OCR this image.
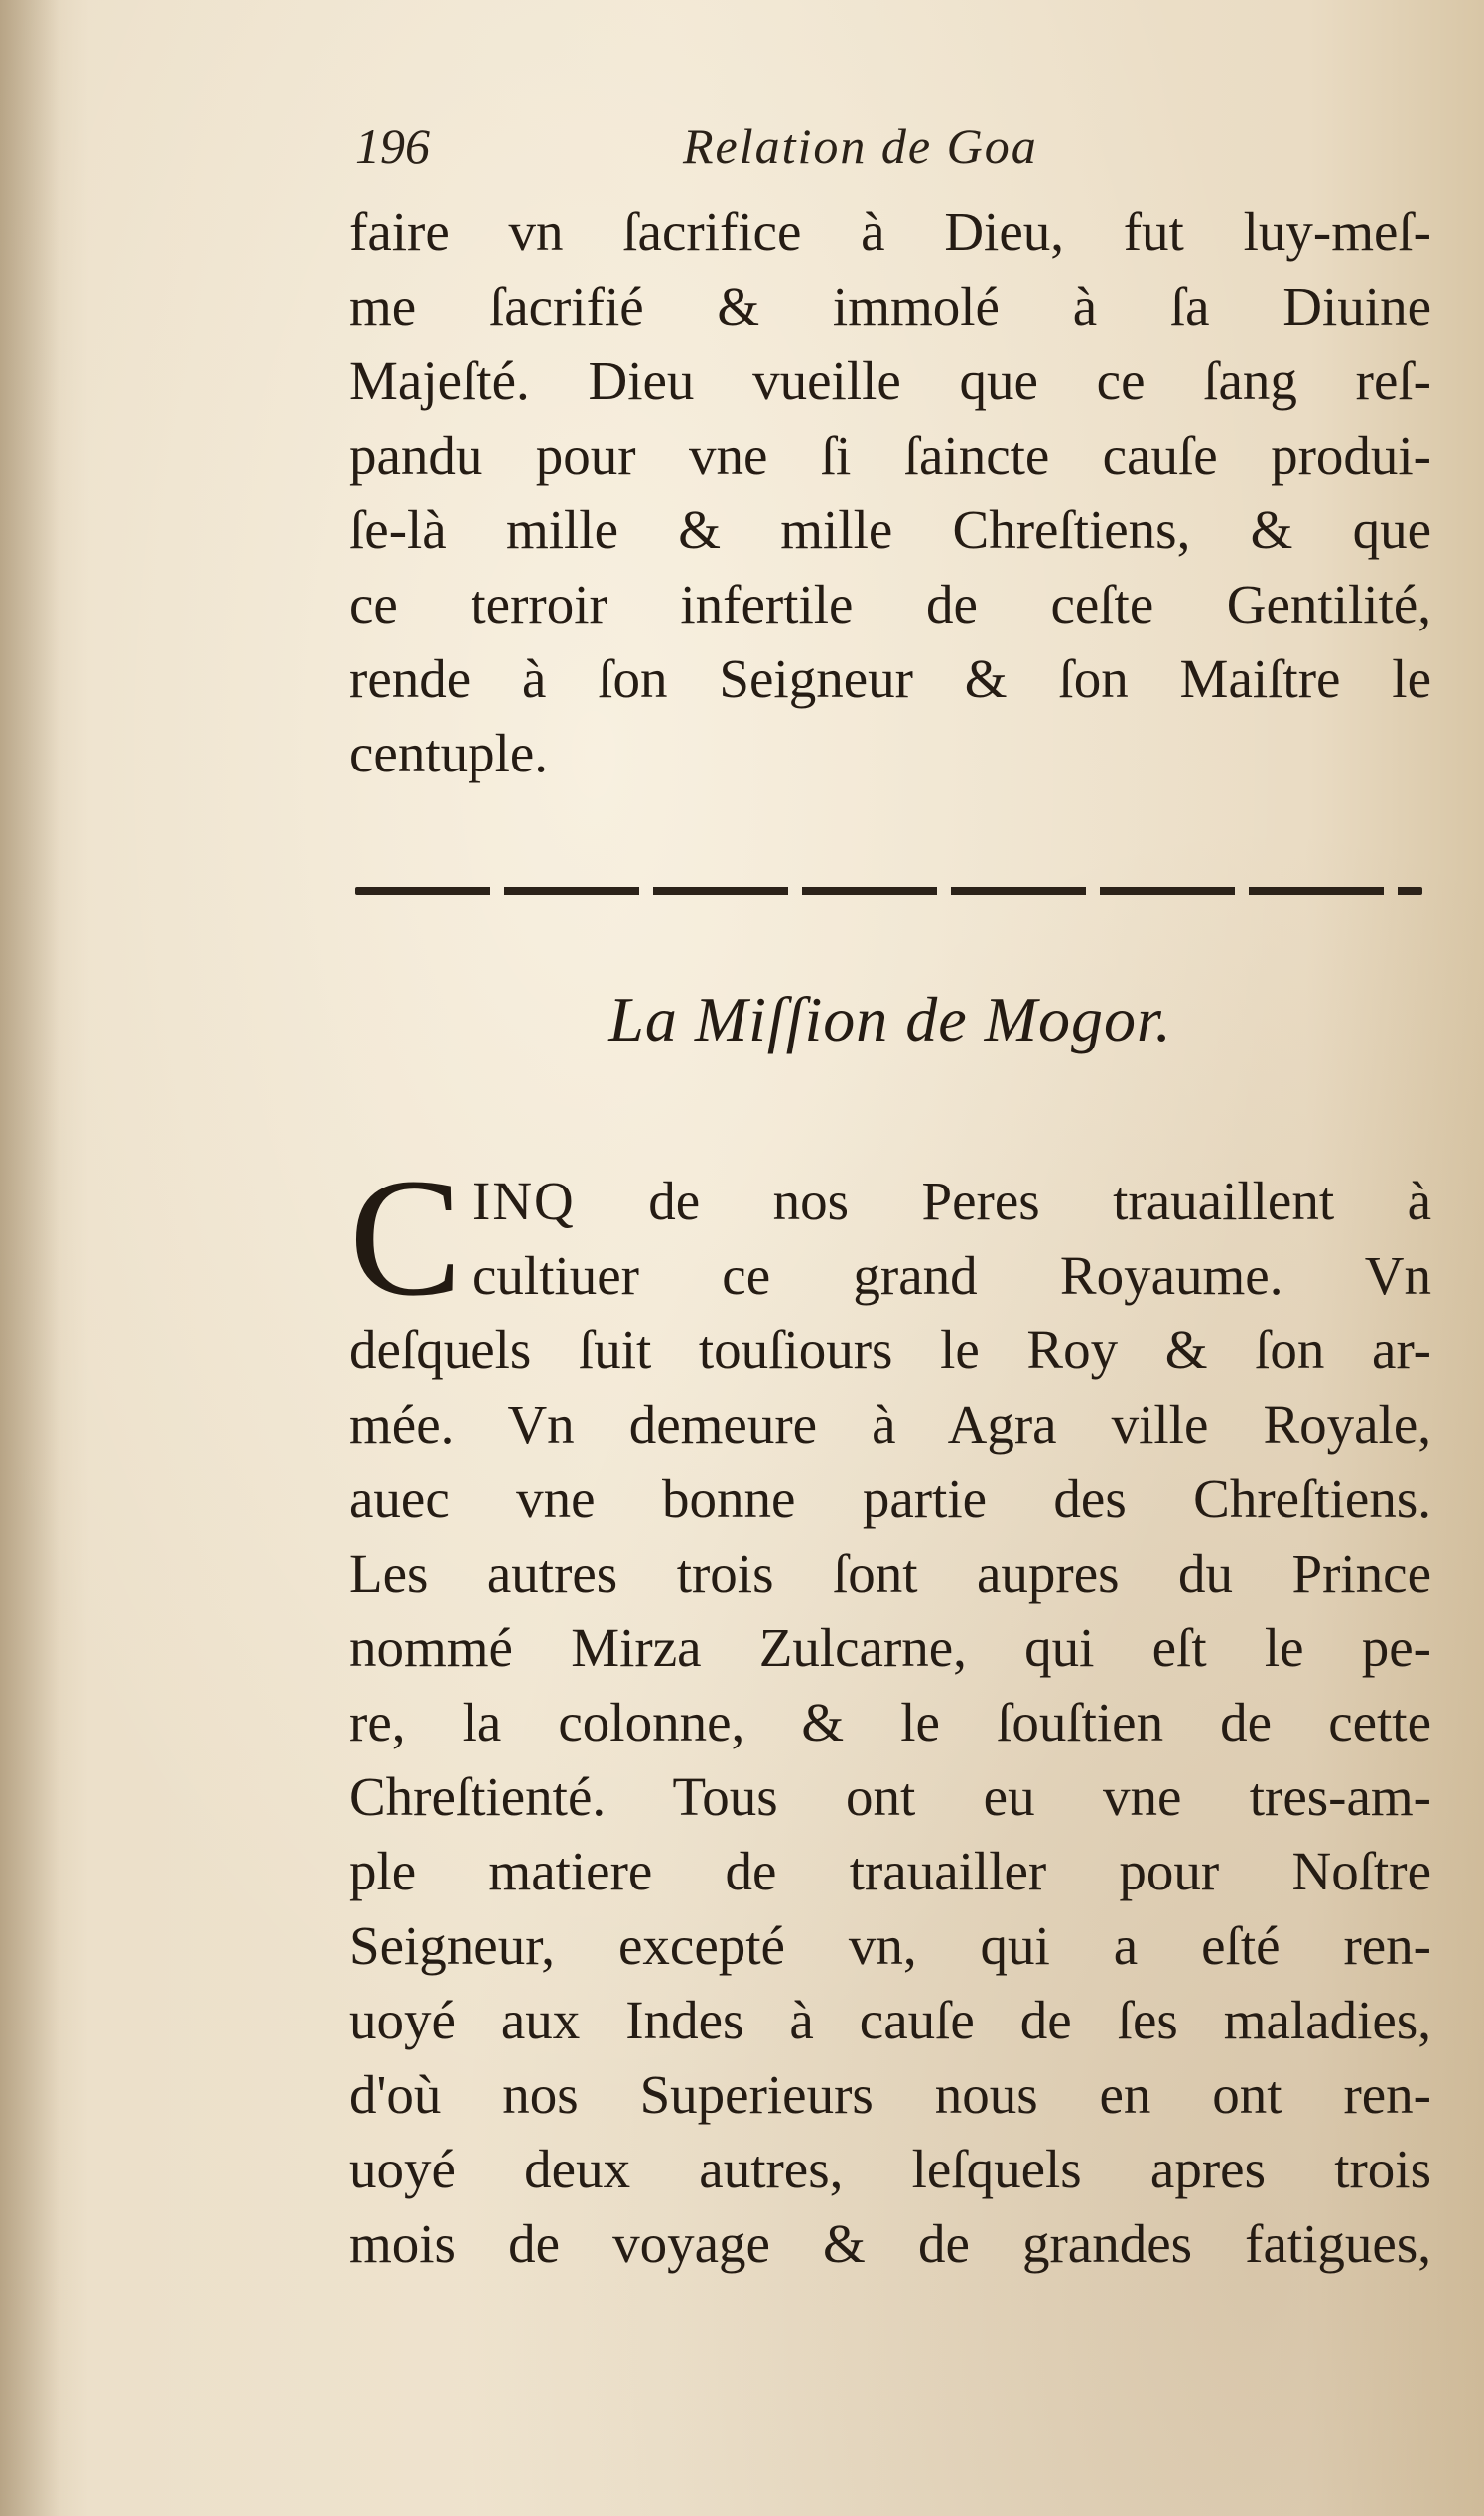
196	Relation de Goa
faire vn ſacrifice à Dieu, fut luy-meſ-
me ſacrifié & immolé à ſa Diuine
Majeſté. Dieu vueille que ce ſang reſ-
pandu pour vne ſi ſaincte cauſe produi-
ſe-là mille & mille Chreſtiens, & que
ce terroir infertile de ceſte Gentilité,
rende à ſon Seigneur & ſon Maiſtre le
centuple.
La Miſſion de Mogor.
C INQ de nos Peres trauaillent à
cultiuer ce grand Royaume. Vn
deſquels ſuit touſiours le Roy & ſon ar-
mée. Vn demeure à Agra ville Royale,
auec vne bonne partie des Chreſtiens.
Les autres trois ſont aupres du Prince
nommé Mirza Zulcarne, qui eſt le pe-
re, la colonne, & le ſouſtien de cette
Chreſtienté. Tous ont eu vne tres-am-
ple matiere de trauailler pour Noſtre
Seigneur, excepté vn, qui a eſté ren-
uoyé aux Indes à cauſe de ſes maladies,
d'où nos Superieurs nous en ont ren-
uoyé deux autres, leſquels apres trois
mois de voyage & de grandes fatigues,
